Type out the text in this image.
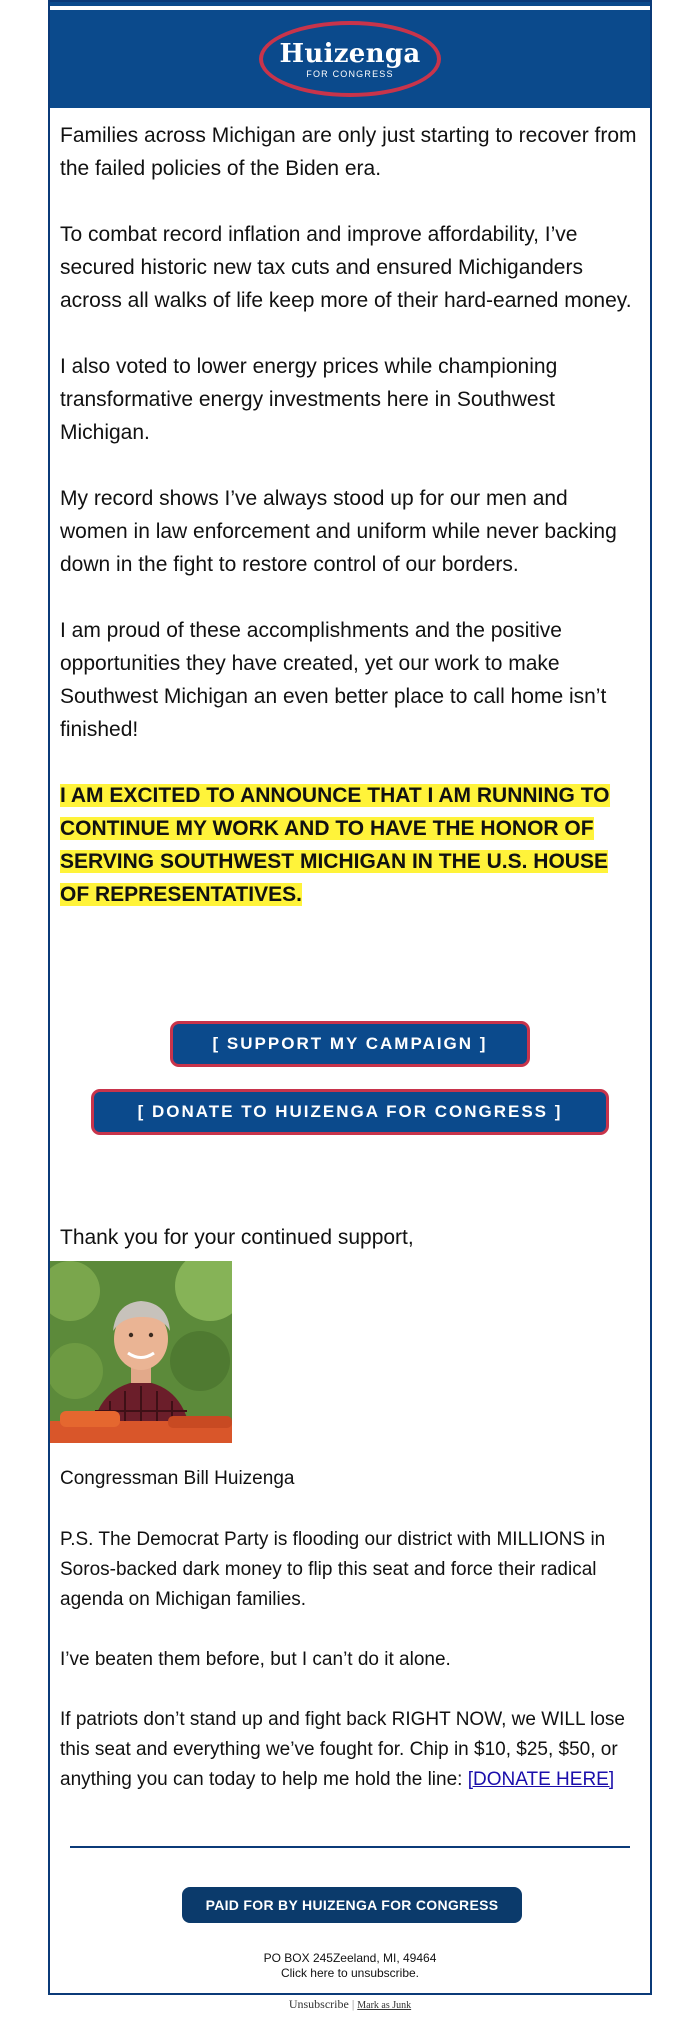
Huizenga
FOR CONGRESS

Families across Michigan are only just starting to recover from the failed policies of the Biden era.

To combat record inflation and improve affordability, I’ve secured historic new tax cuts and ensured Michiganders across all walks of life keep more of their hard-earned money.

I also voted to lower energy prices while championing transformative energy investments here in Southwest Michigan.

My record shows I’ve always stood up for our men and women in law enforcement and uniform while never backing down in the fight to restore control of our borders.

I am proud of these accomplishments and the positive opportunities they have created, yet our work to make Southwest Michigan an even better place to call home isn’t finished!

I AM EXCITED TO ANNOUNCE THAT I AM RUNNING TO CONTINUE MY WORK AND TO HAVE THE HONOR OF SERVING SOUTHWEST MICHIGAN IN THE U.S. HOUSE OF REPRESENTATIVES.

[ SUPPORT MY CAMPAIGN ]
[ DONATE TO HUIZENGA FOR CONGRESS ]

Thank you for your continued support,

Congressman Bill Huizenga

P.S. The Democrat Party is flooding our district with MILLIONS in Soros-backed dark money to flip this seat and force their radical agenda on Michigan families.

I’ve beaten them before, but I can’t do it alone.

If patriots don’t stand up and fight back RIGHT NOW, we WILL lose this seat and everything we’ve fought for. Chip in $10, $25, $50, or anything you can today to help me hold the line: [DONATE HERE]

PAID FOR BY HUIZENGA FOR CONGRESS
PO BOX 245Zeeland, MI, 49464
Click here to unsubscribe.
Unsubscribe | Mark as Junk
